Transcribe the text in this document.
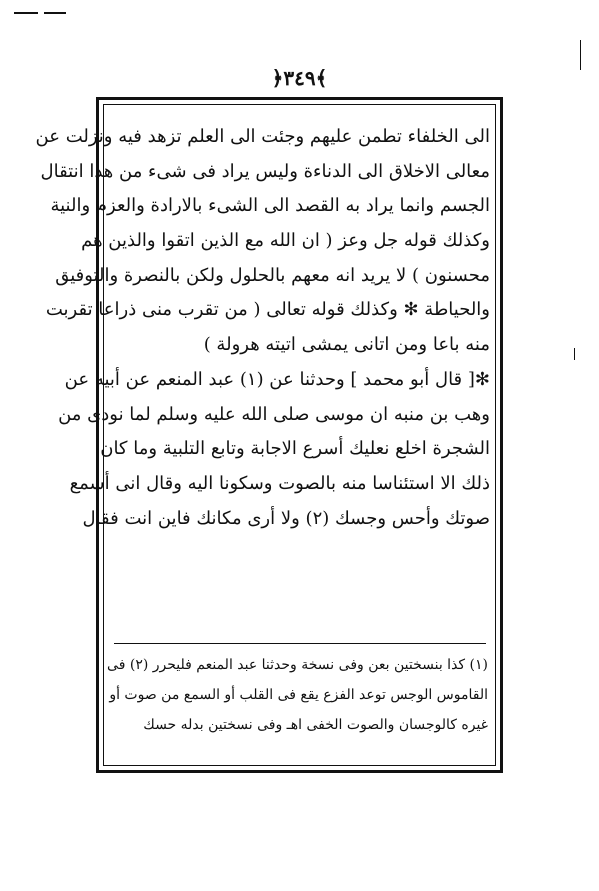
﴿٣٤٩﴾
الى الخلفاء تطمن عليهم وجئت الى العلم تزهد فيه ونزلت عن
معالى الاخلاق الى الدناءة وليس يراد فى شىء من هذا انتقال
الجسم وانما يراد به القصد الى الشىء بالارادة والعزم والنية
وكذلك قوله جل وعز ( ان الله مع الذين اتقوا والذين هم
محسنون ) لا يريد انه معهم بالحلول ولكن بالنصرة والتوفيق
والحياطة ✻ وكذلك قوله تعالى ( من تقرب منى ذراعا تقربت
منه باعا ومن اتانى يمشى اتيته هرولة )
✻[ قال أبو محمد ] وحدثنا عن (١) عبد المنعم عن أبيه عن
وهب بن منبه ان موسى صلى الله عليه وسلم لما نودى من
الشجرة اخلع نعليك أسرع الاجابة وتابع التلبية وما كان
ذلك الا استئناسا منه بالصوت وسكونا اليه وقال انى أسمع
صوتك وأحس وجسك (٢) ولا أرى مكانك فاين انت فقال
(١) كذا بنسختين بعن وفى نسخة وحدثنا عبد المنعم فليحرر (٢) فى
القاموس الوجس توعد الفزع يقع فى القلب أو السمع من صوت أو
غيره كالوجسان والصوت الخفى اهـ وفى نسختين بدله حسك
